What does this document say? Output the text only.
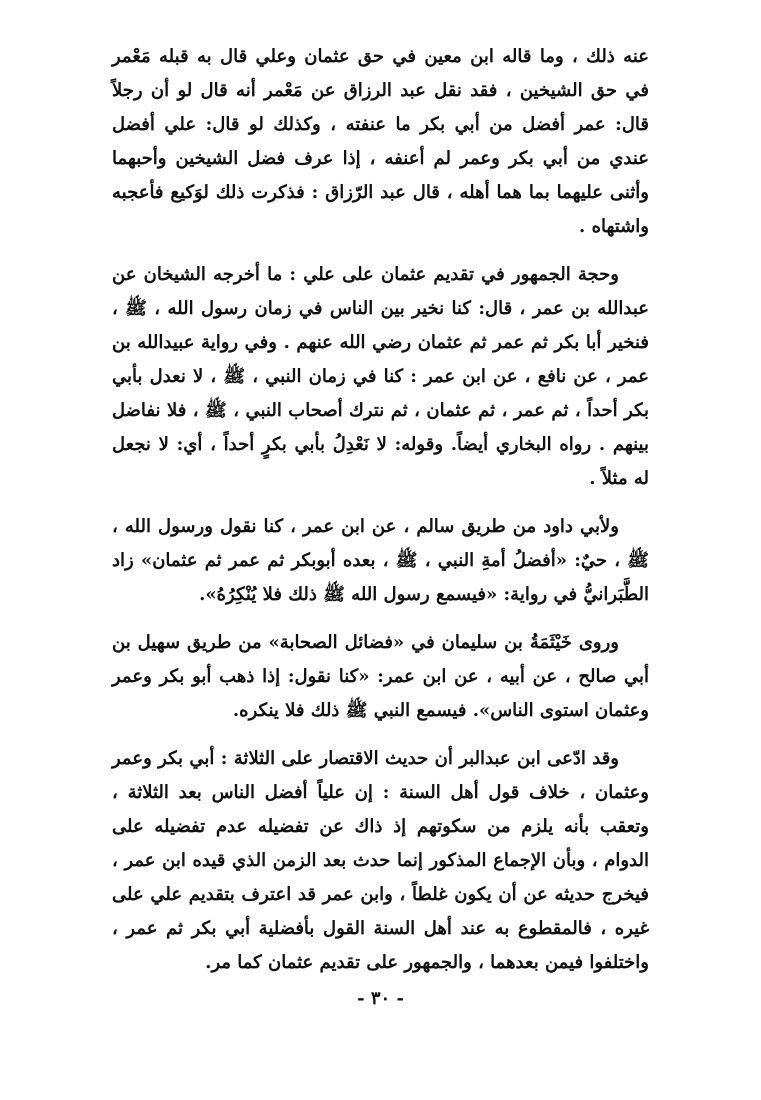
عنه ذلك ، وما قاله ابن معين في حق عثمان وعلي قال به قبله مَعْمر في حق الشيخين ، فقد نقل عبد الرزاق عن مَعْمر أنه قال لو أن رجلاً قال: عمر أفضل من أبي بكر ما عنفته ، وكذلك لو قال: علي أفضل عندي من أبي بكر وعمر لم أعنفه ، إذا عرف فضل الشيخين وأحبهما وأثنى عليهما بما هما أهله ، قال عبد الرّزاق : فذكرت ذلك لوَكيع فأعجبه واشتهاه .

وحجة الجمهور في تقديم عثمان على علي : ما أخرجه الشيخان عن عبدالله بن عمر ، قال: كنا نخير بين الناس في زمان رسول الله ، ﷺ ، فنخير أبا بكر ثم عمر ثم عثمان رضي الله عنهم . وفي رواية عبيدالله بن عمر ، عن نافع ، عن ابن عمر : كنا في زمان النبي ، ﷺ ، لا نعدل بأبي بكر أحداً ، ثم عمر ، ثم عثمان ، ثم نترك أصحاب النبي ، ﷺ ، فلا نفاضل بينهم . رواه البخاري أيضاً. وقوله: لا نَعْدِلُ بأبي بكرٍ أحداً ، أي: لا نجعل له مثلاً .

ولأبي داود من طريق سالم ، عن ابن عمر ، كنا نقول ورسول الله ، ﷺ ، حيٌ: «أفضلُ أمةِ النبي ، ﷺ ، بعده أبوبكر ثم عمر ثم عثمان» زاد الطَّبَرانيُّ في رواية: «فيسمع رسول الله ﷺ ذلك فلا يُنْكِرُهُ».

وروى خَيْثَمَةُ بن سليمان في «فضائل الصحابة» من طريق سهيل بن أبي صالح ، عن أبيه ، عن ابن عمر: «كنا نقول: إذا ذهب أبو بكر وعمر وعثمان استوى الناس». فيسمع النبي ﷺ ذلك فلا ينكره.

وقد ادّعى ابن عبدالبر أن حديث الاقتصار على الثلاثة : أبي بكر وعمر وعثمان ، خلاف قول أهل السنة : إن علياً أفضل الناس بعد الثلاثة ، وتعقب بأنه يلزم من سكوتهم إذ ذاك عن تفضيله عدم تفضيله على الدوام ، وبأن الإجماع المذكور إنما حدث بعد الزمن الذي قيده ابن عمر ، فيخرج حديثه عن أن يكون غلطاً ، وابن عمر قد اعترف بتقديم علي على غيره ، فالمقطوع به عند أهل السنة القول بأفضلية أبي بكر ثم عمر ، واختلفوا فيمن بعدهما ، والجمهور على تقديم عثمان كما مر.

- ٣٠ -
